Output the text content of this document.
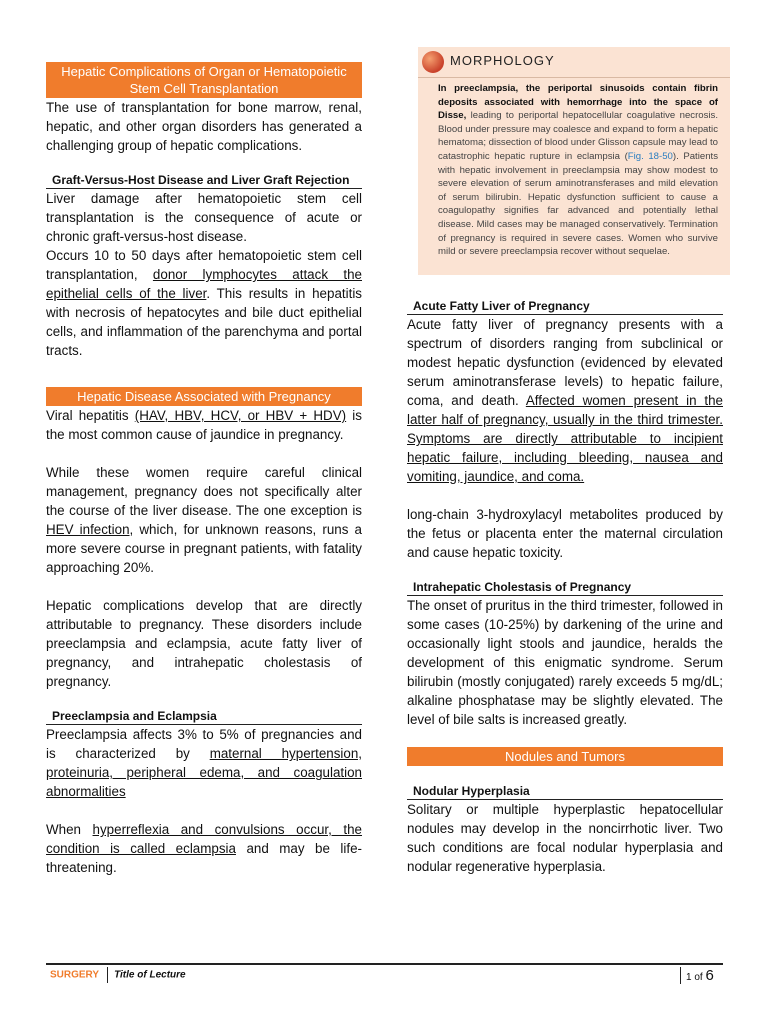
Hepatic Complications of Organ or Hematopoietic Stem Cell Transplantation

The use of transplantation for bone marrow, renal, hepatic, and other organ disorders has generated a challenging group of hepatic complications.

Graft-Versus-Host Disease and Liver Graft Rejection

Liver damage after hematopoietic stem cell transplantation is the consequence of acute or chronic graft-versus-host disease.

Occurs 10 to 50 days after hematopoietic stem cell transplantation, donor lymphocytes attack the epithelial cells of the liver. This results in hepatitis with necrosis of hepatocytes and bile duct epithelial cells, and inflammation of the parenchyma and portal tracts.

Hepatic Disease Associated with Pregnancy

Viral hepatitis (HAV, HBV, HCV, or HBV + HDV) is the most common cause of jaundice in pregnancy.

While these women require careful clinical management, pregnancy does not specifically alter the course of the liver disease. The one exception is HEV infection, which, for unknown reasons, runs a more severe course in pregnant patients, with fatality approaching 20%.

Hepatic complications develop that are directly attributable to pregnancy. These disorders include preeclampsia and eclampsia, acute fatty liver of pregnancy, and intrahepatic cholestasis of pregnancy.

Preeclampsia and Eclampsia

Preeclampsia affects 3% to 5% of pregnancies and is characterized by maternal hypertension, proteinuria, peripheral edema, and coagulation abnormalities

When hyperreflexia and convulsions occur, the condition is called eclampsia and may be life-threatening.

MORPHOLOGY
In preeclampsia, the periportal sinusoids contain fibrin deposits associated with hemorrhage into the space of Disse, leading to periportal hepatocellular coagulative necrosis. Blood under pressure may coalesce and expand to form a hepatic hematoma; dissection of blood under Glisson capsule may lead to catastrophic hepatic rupture in eclampsia (Fig. 18-50). Patients with hepatic involvement in preeclampsia may show modest to severe elevation of serum aminotransferases and mild elevation of serum bilirubin. Hepatic dysfunction sufficient to cause a coagulopathy signifies far advanced and potentially lethal disease. Mild cases may be managed conservatively. Termination of pregnancy is required in severe cases. Women who survive mild or severe preeclampsia recover without sequelae.
Acute Fatty Liver of Pregnancy

Acute fatty liver of pregnancy presents with a spectrum of disorders ranging from subclinical or modest hepatic dysfunction (evidenced by elevated serum aminotransferase levels) to hepatic failure, coma, and death. Affected women present in the latter half of pregnancy, usually in the third trimester. Symptoms are directly attributable to incipient hepatic failure, including bleeding, nausea and vomiting, jaundice, and coma.

long-chain 3-hydroxylacyl metabolites produced by the fetus or placenta enter the maternal circulation and cause hepatic toxicity.

Intrahepatic Cholestasis of Pregnancy

The onset of pruritus in the third trimester, followed in some cases (10-25%) by darkening of the urine and occasionally light stools and jaundice, heralds the development of this enigmatic syndrome. Serum bilirubin (mostly conjugated) rarely exceeds 5 mg/dL; alkaline phosphatase may be slightly elevated. The level of bile salts is increased greatly.

Nodules and Tumors
Nodular Hyperplasia

Solitary or multiple hyperplastic hepatocellular nodules may develop in the noncirrhotic liver. Two such conditions are focal nodular hyperplasia and nodular regenerative hyperplasia.

SURGERY Title of Lecture	1 of 6
